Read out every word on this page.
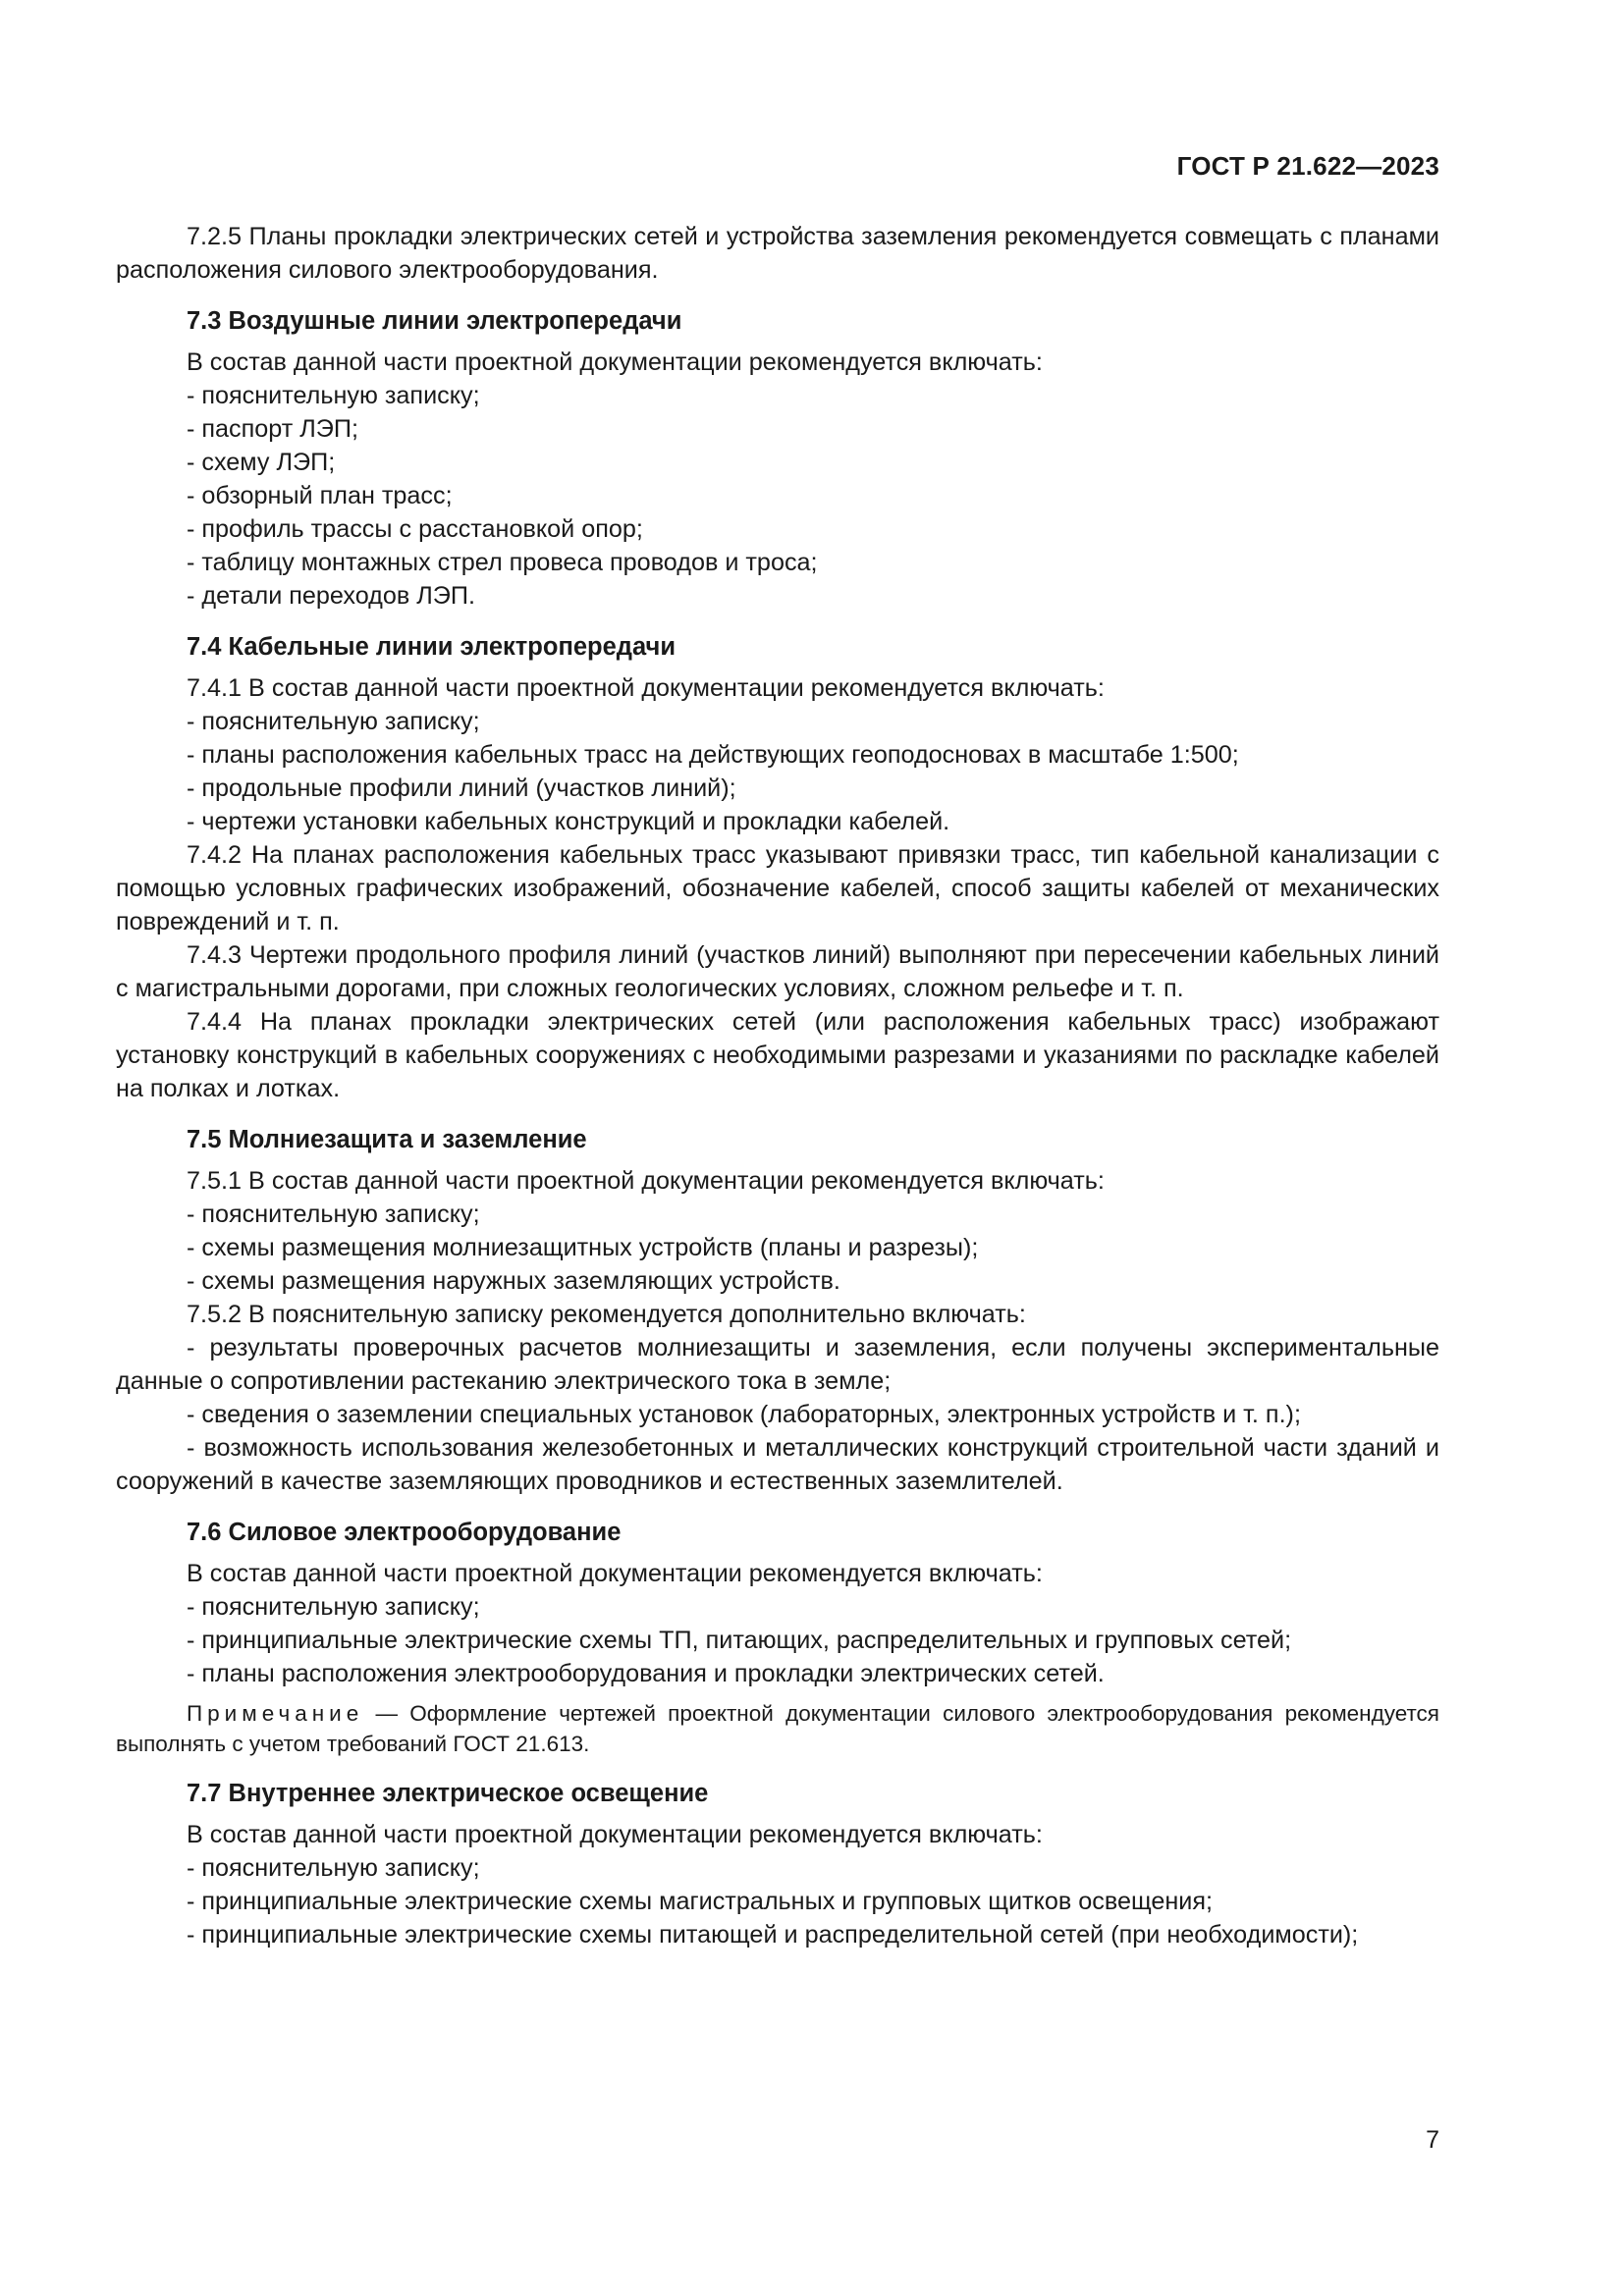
ГОСТ Р 21.622—2023

7.2.5 Планы прокладки электрических сетей и устройства заземления рекомендуется совмещать с планами расположения силового электрооборудования.

7.3 Воздушные линии электропередачи

В состав данной части проектной документации рекомендуется включать:

- пояснительную записку;

- паспорт ЛЭП;

- схему ЛЭП;

- обзорный план трасс;

- профиль трассы с расстановкой опор;

- таблицу монтажных стрел провеса проводов и троса;

- детали переходов ЛЭП.

7.4 Кабельные линии электропередачи

7.4.1 В состав данной части проектной документации рекомендуется включать:

- пояснительную записку;

- планы расположения кабельных трасс на действующих геоподосновах в масштабе 1:500;

- продольные профили линий (участков линий);

- чертежи установки кабельных конструкций и прокладки кабелей.

7.4.2 На планах расположения кабельных трасс указывают привязки трасс, тип кабельной канализации с помощью условных графических изображений, обозначение кабелей, способ защиты кабелей от механических повреждений и т. п.

7.4.3 Чертежи продольного профиля линий (участков линий) выполняют при пересечении кабельных линий с магистральными дорогами, при сложных геологических условиях, сложном рельефе и т. п.

7.4.4 На планах прокладки электрических сетей (или расположения кабельных трасс) изображают установку конструкций в кабельных сооружениях с необходимыми разрезами и указаниями по раскладке кабелей на полках и лотках.

7.5 Молниезащита и заземление

7.5.1 В состав данной части проектной документации рекомендуется включать:

- пояснительную записку;

- схемы размещения молниезащитных устройств (планы и разрезы);

- схемы размещения наружных заземляющих устройств.

7.5.2 В пояснительную записку рекомендуется дополнительно включать:

- результаты проверочных расчетов молниезащиты и заземления, если получены экспериментальные данные о сопротивлении растеканию электрического тока в земле;

- сведения о заземлении специальных установок (лабораторных, электронных устройств и т. п.);

- возможность использования железобетонных и металлических конструкций строительной части зданий и сооружений в качестве заземляющих проводников и естественных заземлителей.

7.6 Силовое электрооборудование

В состав данной части проектной документации рекомендуется включать:

- пояснительную записку;

- принципиальные электрические схемы ТП, питающих, распределительных и групповых сетей;

- планы расположения электрооборудования и прокладки электрических сетей.

Примечание — Оформление чертежей проектной документации силового электрооборудования рекомендуется выполнять с учетом требований ГОСТ 21.613.

7.7 Внутреннее электрическое освещение

В состав данной части проектной документации рекомендуется включать:

- пояснительную записку;

- принципиальные электрические схемы магистральных и групповых щитков освещения;

- принципиальные электрические схемы питающей и распределительной сетей (при необходимости);

7
